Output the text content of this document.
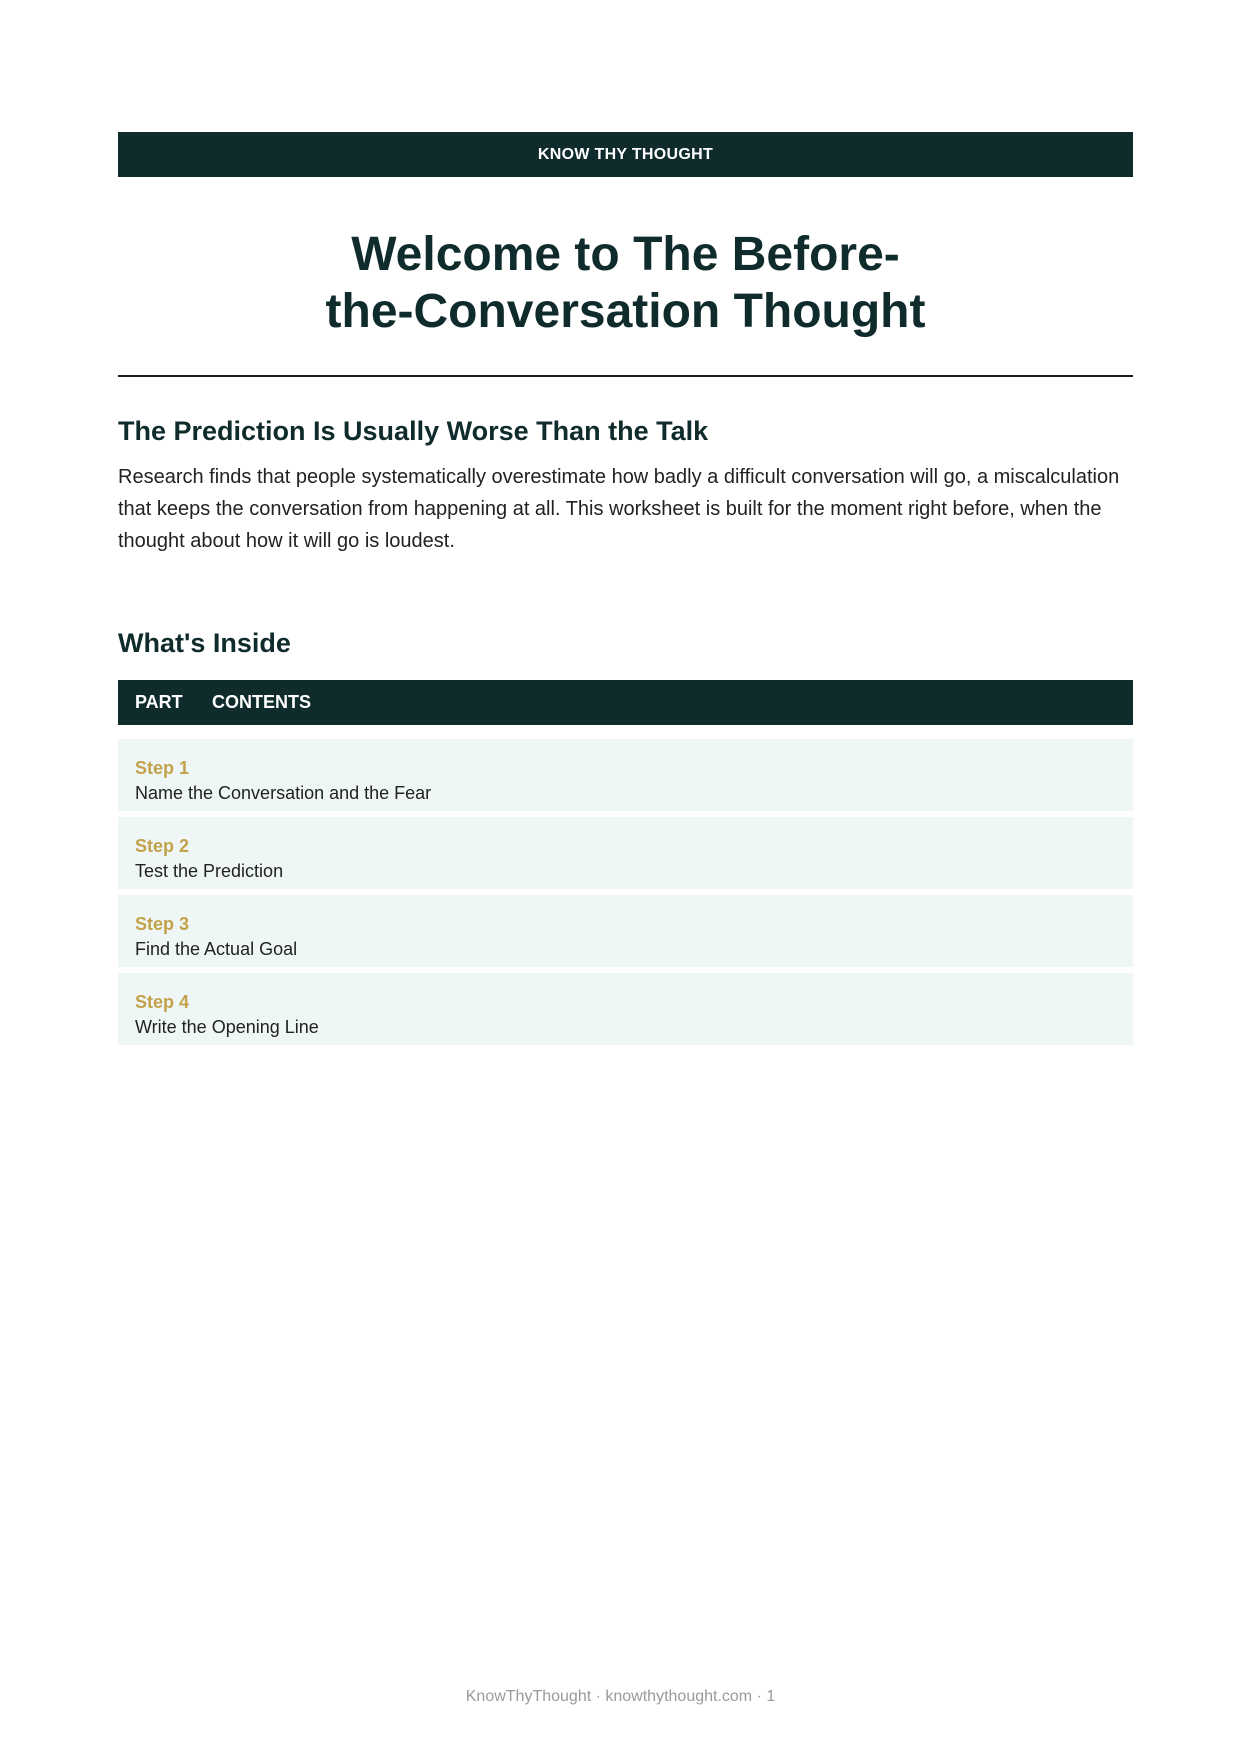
KNOW THY THOUGHT
Welcome to The Before-
the-Conversation Thought
The Prediction Is Usually Worse Than the Talk

Research finds that people systematically overestimate how badly a difficult conversation will go, a miscalculation that keeps the conversation from happening at all. This worksheet is built for the moment right before, when the thought about how it will go is loudest.

What's Inside
PART	CONTENTS
Step 1
Name the Conversation and the Fear
Step 2
Test the Prediction
Step 3
Find the Actual Goal
Step 4
Write the Opening Line
KnowThyThought · knowthythought.com · 1
